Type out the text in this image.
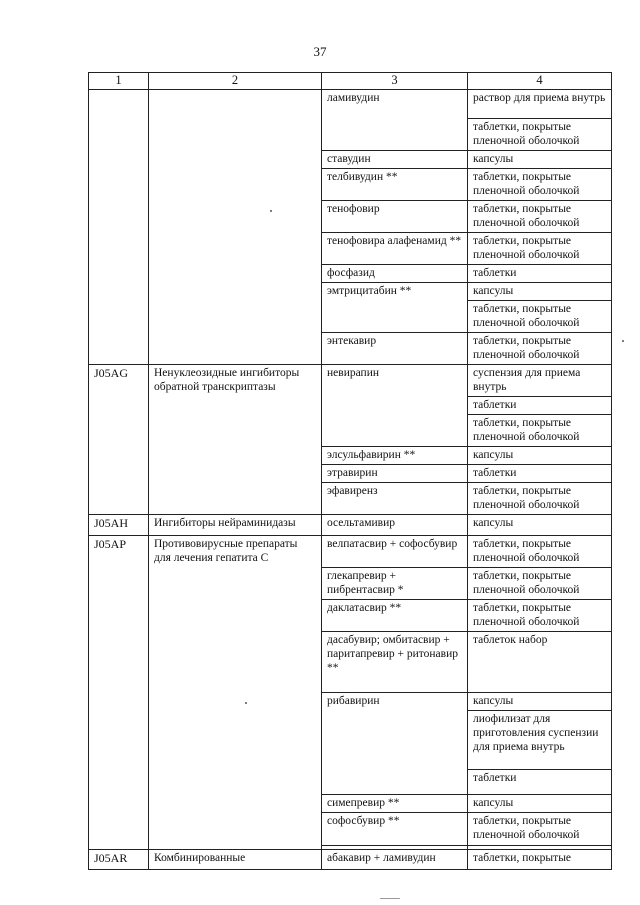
37
1	2	3	4
		ламивудин	раствор для приема внутрь
			таблетки, покрытые пленочной оболочкой
		ставудин	капсулы
		телбивудин **	таблетки, покрытые пленочной оболочкой
		тенофовир	таблетки, покрытые пленочной оболочкой
		тенофовира алафенамид **	таблетки, покрытые пленочной оболочкой
		фосфазид	таблетки
		эмтрицитабин **	капсулы
			таблетки, покрытые пленочной оболочкой
		энтекавир	таблетки, покрытые пленочной оболочкой
J05AG	Ненуклеозидные ингибиторы обратной транскриптазы	невирапин	суспензия для приема внутрь
			таблетки
			таблетки, покрытые пленочной оболочкой
		элсульфавирин **	капсулы
		этравирин	таблетки
		эфавиренз	таблетки, покрытые пленочной оболочкой
J05AH	Ингибиторы нейраминидазы	осельтамивир	капсулы
J05AP	Противовирусные препараты для лечения гепатита С	велпатасвир + софосбувир	таблетки, покрытые пленочной оболочкой
		глекапревир + пибрентасвир *	таблетки, покрытые пленочной оболочкой
		даклатасвир **	таблетки, покрытые пленочной оболочкой
		дасабувир; омбитасвир + паритапревир + ритонавир **	таблеток набор
		рибавирин	капсулы
			лиофилизат для приготовления суспензии для приема внутрь
			таблетки
		симепревир **	капсулы
		софосбувир **	таблетки, покрытые пленочной оболочкой

J05AR	Комбинированные	абакавир + ламивудин	таблетки, покрытые
